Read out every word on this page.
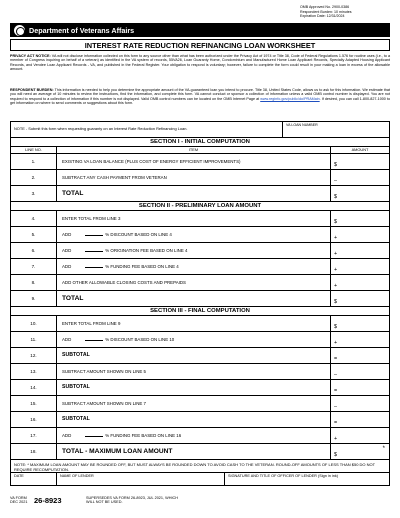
OMB Approved No. 2900-0386
Respondent Burden: 10 minutes
Expiration Date: 12/31/2024
Department of Veterans Affairs
INTEREST RATE REDUCTION REFINANCING LOAN WORKSHEET
PRIVACY ACT NOTICE: VA will not disclose information collected on this form to any source other than what has been authorized under the Privacy Act of 1974 or Title 38, Code of Federal Regulations 1.576 for routine uses (i.e., to a member of Congress inquiring on behalf of a veteran) as identified in the VA system of records, 55VA26, Loan Guaranty Home, Condominium and Manufactured Home Loan Applicant Records, Specially Adapted Housing Applicant Records, and Vendee Loan Applicant Records - VA, and published in the Federal Register. Your obligation to respond is voluntary; however, failure to complete the form could result in your making a loan in excess of the allowable amount.
RESPONDENT BURDEN: This information is needed to help you determine the appropriate amount of the VA-guaranteed loan you intend to procure. Title 38, United States Code, allows us to ask for this information. We estimate that you will need an average of 10 minutes to review the instructions, find the information, and complete this form. VA cannot conduct or sponsor a collection of information unless a valid OMB control number is displayed. You are not required to respond to a collection of information if this number is not displayed. Valid OMB control numbers can be located on the OMB Internet Page at www.reginfo.gov/public/do/PRAMain. If desired, you can call 1-800-827-1000 to get information on where to send comments or suggestions about this form.
NOTE - Submit this form when requesting guaranty on an Interest Rate Reduction Refinancing Loan.
VA LOAN NUMBER
SECTION I - INITIAL COMPUTATION
LINE NO.	ITEM	AMOUNT
1.	EXISTING VA LOAN BALANCE (PLUS COST OF ENERGY EFFICIENT IMPROVEMENTS)
$
2.	SUBTRACT ANY CASH PAYMENT FROM VETERAN
–
3.	TOTAL	$
SECTION II - PRELIMINARY LOAN AMOUNT
4.	ENTER TOTAL FROM LINE 3
$
5.	ADD	% DISCOUNT BASED ON LINE 4
+
6.	ADD	% ORIGINATION FEE BASED ON LINE 4
+
7.	ADD	% FUNDING FEE BASED ON LINE 4
+
8.	ADD OTHER ALLOWABLE CLOSING COSTS AND PREPAIDS
+
9.	TOTAL	$
SECTION III - FINAL COMPUTATION
10.	ENTER TOTAL FROM LINE 9
$
11.	ADD	% DISCOUNT BASED ON LINE 10
+
12.	SUBTOTAL
=
13.	SUBTRACT AMOUNT SHOWN ON LINE 5
–
14.	SUBTOTAL
=
15.	SUBTRACT AMOUNT SHOWN ON LINE 7
–
16.	SUBTOTAL
=
17.	ADD	% FUNDING FEE BASED ON LINE 16
+
18.	TOTAL - MAXIMUM LOAN AMOUNT	$
*
NOTE: * MAXIMUM LOAN AMOUNT MAY BE ROUNDED OFF, BUT MUST ALWAYS BE ROUNDED DOWN TO AVOID CASH TO THE VETERAN. ROUND-OFF AMOUNTS OF LESS THAN $50 DO NOT REQUIRE RECOMPUTATION.
DATE	NAME OF LENDER	SIGNATURE AND TITLE OF OFFICER OF LENDER (Sign in ink)
VA FORM
DEC 2021 26-8923	SUPERSEDES VA FORM 26-8923, JUL 2021, WHICH
WILL NOT BE USED.
